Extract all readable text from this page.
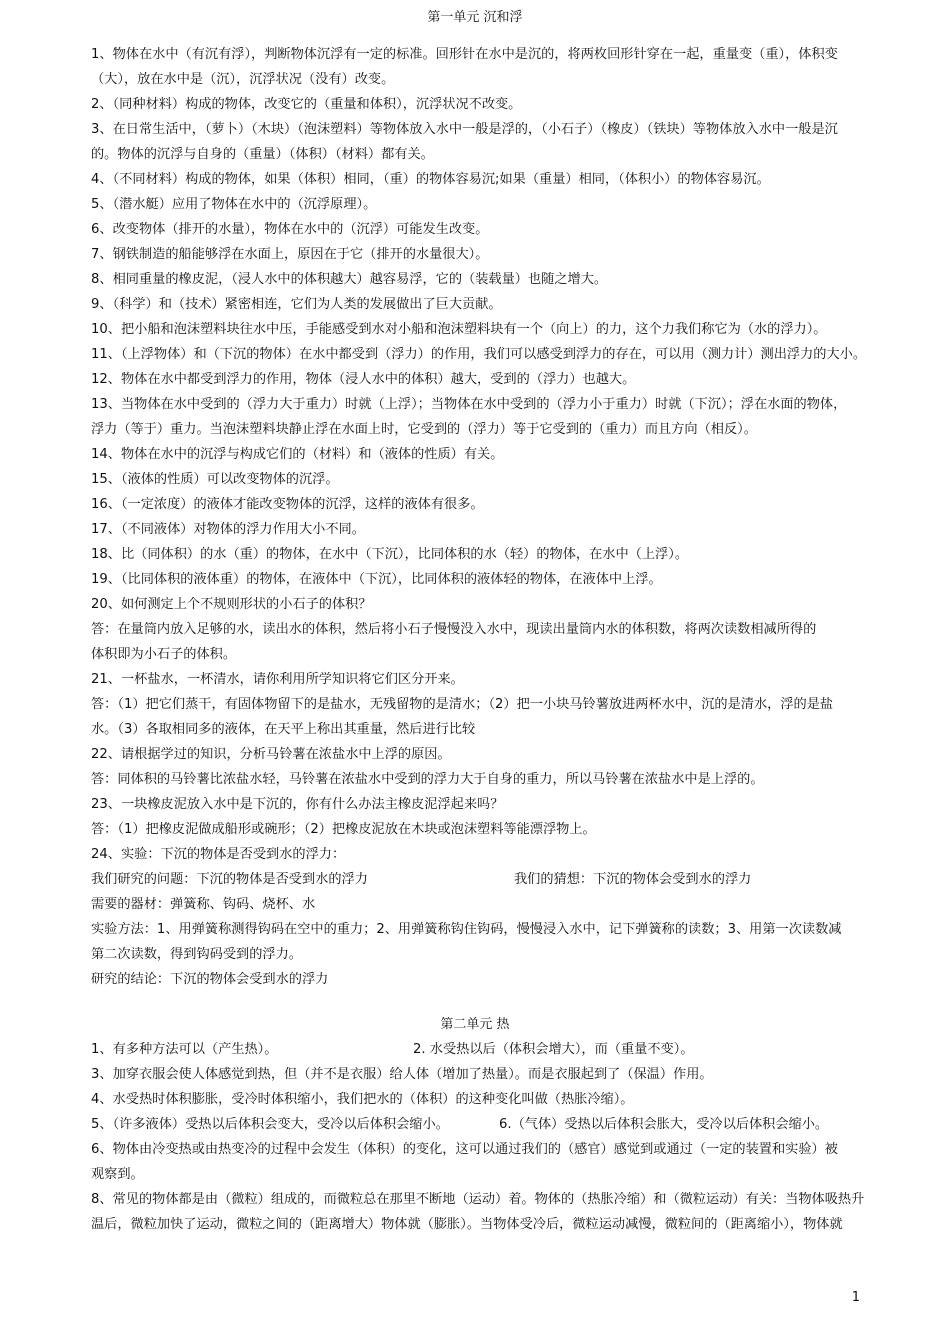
第一单元 沉和浮
1、物体在水中（有沉有浮），判断物体沉浮有一定的标准。回形针在水中是沉的，将两枚回形针穿在一起，重量变（重），体积变
（大），放在水中是（沉），沉浮状况（没有）改变。
2、（同种材料）构成的物体，改变它的（重量和体积），沉浮状况不改变。
3、在日常生活中，（萝卜）（木块）（泡沫塑料）等物体放入水中一般是浮的，（小石子）（橡皮）（铁块）等物体放入水中一般是沉
的。物体的沉浮与自身的（重量）（体积）（材料）都有关。
4、（不同材料）构成的物体，如果（体积）相同，（重）的物体容易沉;如果（重量）相同，（体积小）的物体容易沉。
5、（潜水艇）应用了物体在水中的（沉浮原理）。
6、改变物体（排开的水量），物体在水中的（沉浮）可能发生改变。
7、钢铁制造的船能够浮在水面上，原因在于它（排开的水量很大）。
8、相同重量的橡皮泥，（浸人水中的体积越大）越容易浮，它的（装载量）也随之增大。
9、（科学）和（技术）紧密相连，它们为人类的发展做出了巨大贡献。
10、把小船和泡沫塑料块往水中压，手能感受到水对小船和泡沫塑料块有一个（向上）的力，这个力我们称它为（水的浮力）。
11、（上浮物体）和（下沉的物体）在水中都受到（浮力）的作用，我们可以感受到浮力的存在，可以用（测力计）测出浮力的大小。
12、物体在水中都受到浮力的作用，物体（浸人水中的体积）越大，受到的（浮力）也越大。
13、当物体在水中受到的（浮力大于重力）时就（上浮）；当物体在水中受到的（浮力小于重力）时就（下沉）；浮在水面的物体，
浮力（等于）重力。当泡沫塑料块静止浮在水面上时，它受到的（浮力）等于它受到的（重力）而且方向（相反）。
14、物体在水中的沉浮与构成它们的（材料）和（液体的性质）有关。
15、（液体的性质）可以改变物体的沉浮。
16、（一定浓度）的液体才能改变物体的沉浮，这样的液体有很多。
17、（不同液体）对物体的浮力作用大小不同。
18、比（同体积）的水（重）的物体，在水中（下沉），比同体积的水（轻）的物体，在水中（上浮）。
19、（比同体积的液体重）的物体，在液体中（下沉），比同体积的液体轻的物体，在液体中上浮。
20、如何测定上个不规则形状的小石子的体积？
答：在量筒内放入足够的水，读出水的体积，然后将小石子慢慢没入水中，现读出量筒内水的体积数，将两次读数相减所得的
体积即为小石子的体积。
21、一杯盐水，一杯清水，请你利用所学知识将它们区分开来。
答：（1）把它们蒸干，有固体物留下的是盐水，无残留物的是清水；（2）把一小块马铃薯放进两杯水中，沉的是清水，浮的是盐
水。（3）各取相同多的液体，在天平上称出其重量，然后进行比较
22、请根据学过的知识，分析马铃薯在浓盐水中上浮的原因。
答：同体积的马铃薯比浓盐水轻，马铃薯在浓盐水中受到的浮力大于自身的重力，所以马铃薯在浓盐水中是上浮的。
23、一块橡皮泥放入水中是下沉的，你有什么办法主橡皮泥浮起来吗？
答：（1）把橡皮泥做成船形或碗形；（2）把橡皮泥放在木块或泡沫塑料等能漂浮物上。
24、实验：下沉的物体是否受到水的浮力：
我们研究的问题：下沉的物体是否受到水的浮力	我们的猜想：下沉的物体会受到水的浮力
需要的器材：弹簧称、钩码、烧杯、水
实验方法：1、用弹簧称测得钩码在空中的重力；2、用弹簧称钩住钩码，慢慢浸入水中，记下弹簧称的读数；3、用第一次读数减
第二次读数，得到钩码受到的浮力。
研究的结论：下沉的物体会受到水的浮力
第二单元 热
1、有多种方法可以（产生热）。	2. 水受热以后（体积会增大），而（重量不变）。
3、加穿衣服会使人体感觉到热，但（并不是衣服）给人体（增加了热量）。而是衣服起到了（保温）作用。
4、水受热时体积膨胀，受冷时体积缩小，我们把水的（体积）的这种变化叫做（热胀冷缩）。
5、（许多液体）受热以后体积会变大，受冷以后体积会缩小。	6.（气体）受热以后体积会胀大，受冷以后体积会缩小。
6、物体由冷变热或由热变冷的过程中会发生（体积）的变化，这可以通过我们的（感官）感觉到或通过（一定的装置和实验）被
观察到。
8、常见的物体都是由（微粒）组成的，而微粒总在那里不断地（运动）着。物体的（热胀冷缩）和（微粒运动）有关：当物体吸热升
温后，微粒加快了运动，微粒之间的（距离增大）物体就（膨胀）。当物体受冷后，微粒运动减慢，微粒间的（距离缩小），物体就
1
